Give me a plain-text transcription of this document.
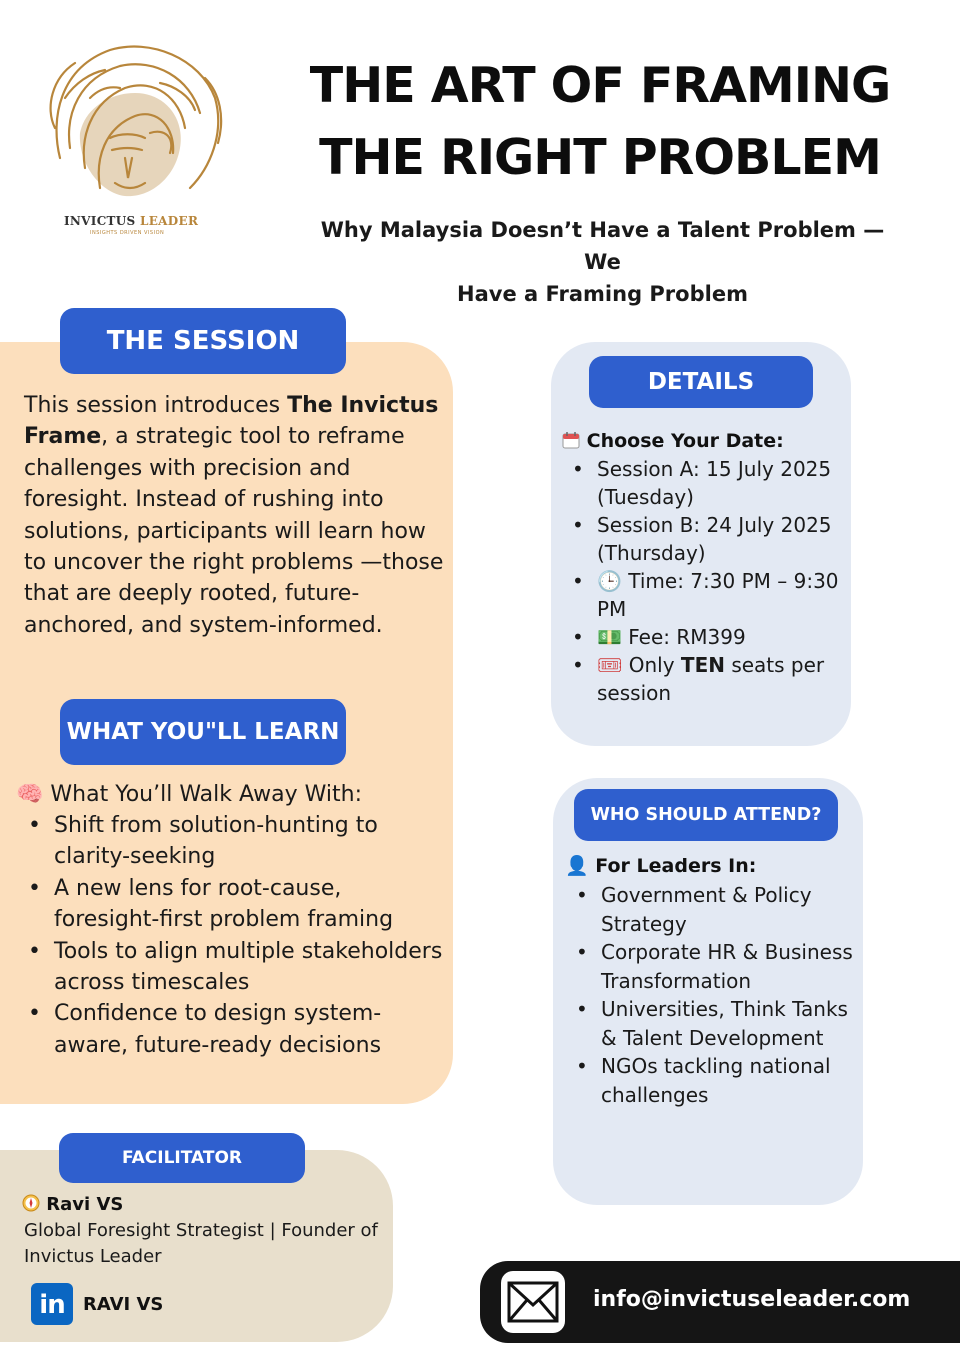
INVICTUS LEADER
INSIGHTS DRIVEN VISION
THE ART OF FRAMING
THE RIGHT PROBLEM
Why Malaysia Doesn’t Have a Talent Problem — We
Have a Framing Problem
THE SESSION
This session introduces The Invictus Frame, a strategic tool to reframe challenges with precision and foresight. Instead of rushing into solutions, participants will learn how to uncover the right problems —those that are deeply rooted, future-anchored, and system-informed.
WHAT YOU"LL LEARN
🧠 What You’ll Walk Away With:
• Shift from solution-hunting to clarity-seeking
• A new lens for root-cause, foresight-first problem framing
• Tools to align multiple stakeholders across timescales
• Confidence to design system-aware, future-ready decisions
DETAILS
Choose Your Date:
• Session A: 15 July 2025 (Tuesday)
• Session B: 24 July 2025 (Thursday)
• 🕒 Time: 7:30 PM – 9:30 PM
• 💵 Fee: RM399
• 🎟 Only TEN seats per session
WHO SHOULD ATTEND?
👤 For Leaders In:
• Government & Policy Strategy
• Corporate HR & Business Transformation
• Universities, Think Tanks & Talent Development
• NGOs tackling national challenges
FACILITATOR
Ravi VS
Global Foresight Strategist | Founder of Invictus Leader
in	RAVI VS	info@invictuseleader.com
